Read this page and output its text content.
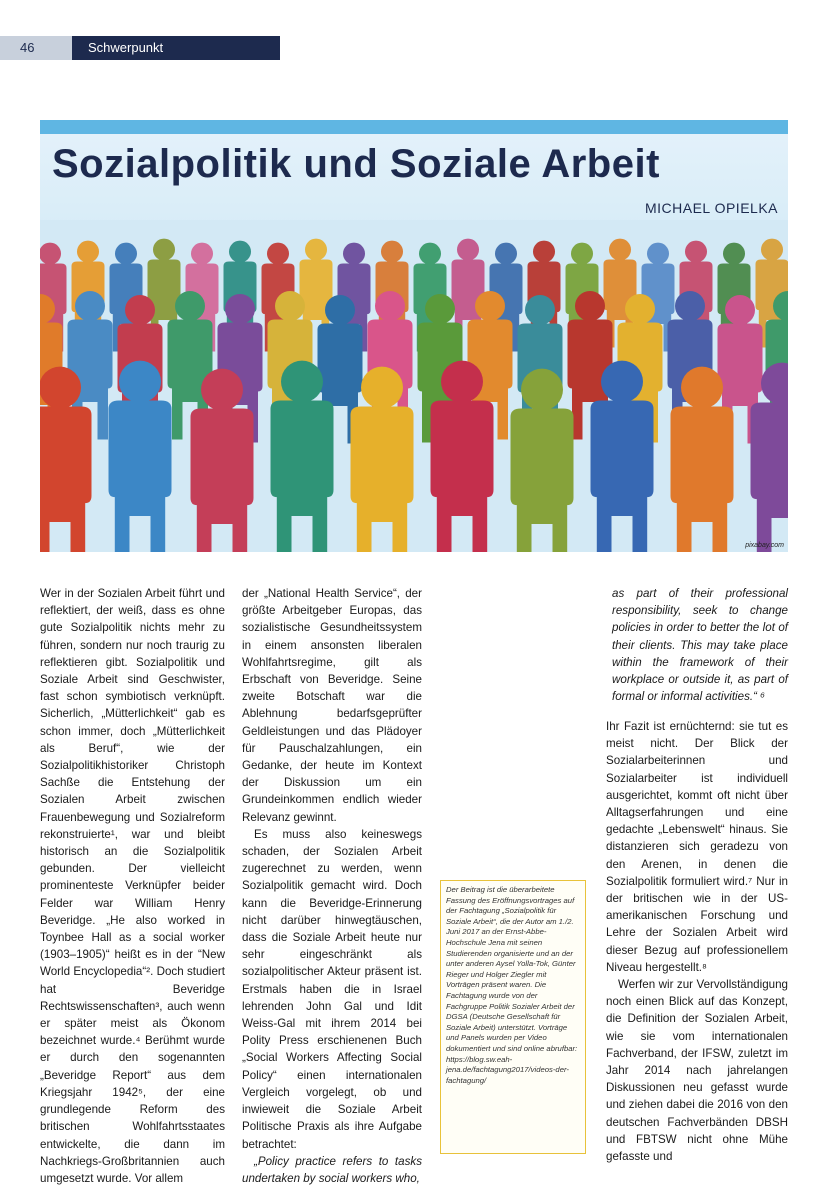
46	Schwerpunkt
Sozialpolitik und Soziale Arbeit
MICHAEL OPIELKA
pixabay.com

Wer in der Sozialen Arbeit führt und reflektiert, der weiß, dass es ohne gute Sozialpolitik nichts mehr zu führen, sondern nur noch traurig zu reflektieren gibt. Sozialpolitik und Soziale Arbeit sind Geschwister, fast schon symbiotisch verknüpft. Sicherlich, „Mütterlichkeit“ gab es schon immer, doch „Mütterlichkeit als Beruf“, wie der Sozialpolitikhistoriker Christoph Sachße die Entstehung der Sozialen Arbeit zwischen Frauenbewegung und Sozialreform rekonstruierte¹, war und bleibt historisch an die Sozialpolitik gebunden. Der vielleicht prominenteste Verknüpfer beider Felder war William Henry Beveridge. „He also worked in Toynbee Hall as a social worker (1903–1905)“ heißt es in der “New World Encyclopedia“². Doch studiert hat Beveridge Rechtswissenschaften³, auch wenn er später meist als Ökonom bezeichnet wurde.⁴ Berühmt wurde er durch den sogenannten „Beveridge Report“ aus dem Kriegsjahr 1942⁵, der eine grundlegende Reform des britischen Wohlfahrtsstaates entwickelte, die dann im Nachkriegs-Großbritannien auch umgesetzt wurde. Vor allem

der „National Health Service“, der größte Arbeitgeber Europas, das sozialistische Gesundheitssystem in einem ansonsten liberalen Wohlfahrtsregime, gilt als Erbschaft von Beveridge. Seine zweite Botschaft war die Ablehnung bedarfsgeprüfter Geldleistungen und das Plädoyer für Pauschalzahlungen, ein Gedanke, der heute im Kontext der Diskussion um ein Grundeinkommen endlich wieder Relevanz gewinnt.

Es muss also keineswegs schaden, der Sozialen Arbeit zugerechnet zu werden, wenn Sozialpolitik gemacht wird. Doch kann die Beveridge-Erinnerung nicht darüber hinwegtäuschen, dass die Soziale Arbeit heute nur sehr eingeschränkt als sozialpolitischer Akteur präsent ist. Erstmals haben die in Israel lehrenden John Gal und Idit Weiss-Gal mit ihrem 2014 bei Polity Press erschienenen Buch „Social Workers Affecting Social Policy“ einen internationalen Vergleich vorgelegt, ob und inwieweit die Soziale Arbeit Politische Praxis als ihre Aufgabe betrachtet:

„Policy practice refers to tasks undertaken by social workers who,

as part of their professional responsibility, seek to change policies in order to better the lot of their clients. This may take place within the framework of their workplace or outside it, as part of formal or informal activities.“ ⁶

Ihr Fazit ist ernüchternd: sie tut es meist nicht. Der Blick der Sozialarbeiterinnen und Sozialarbeiter ist individuell ausgerichtet, kommt oft nicht über Alltagserfahrungen und eine gedachte „Lebenswelt“ hinaus. Sie distanzieren sich geradezu von den Arenen, in denen die Sozialpolitik formuliert wird.⁷ Nur in der britischen wie in der US-amerikanischen Forschung und Lehre der Sozialen Arbeit wird dieser Bezug auf professionellem Niveau hergestellt.⁸

Werfen wir zur Vervollständigung noch einen Blick auf das Konzept, die Definition der Sozialen Arbeit, wie sie vom internationalen Fachverband, der IFSW, zuletzt im Jahr 2014 nach jahrelangen Diskussionen neu gefasst wurde und ziehen dabei die 2016 von den deutschen Fachverbänden DBSH und FBTSW nicht ohne Mühe gefasste und

Der Beitrag ist die überarbeitete Fassung des Eröffnungsvortrages auf der Fachtagung „Sozialpolitik für Soziale Arbeit“, die der Autor am 1./2. Juni 2017 an der Ernst-Abbe-Hochschule Jena mit seinen Studierenden organisierte und an der unter anderen Aysel Yolla-Tok, Günter Rieger und Holger Ziegler mit Vorträgen präsent waren. Die Fachtagung wurde von der Fachgruppe Politik Sozialer Arbeit der DGSA (Deutsche Gesellschaft für Soziale Arbeit) unterstützt. Vorträge und Panels wurden per Video dokumentiert und sind online abrufbar: https://blog.sw.eah-jena.de/fachtagung2017/videos-der-fachtagung/
